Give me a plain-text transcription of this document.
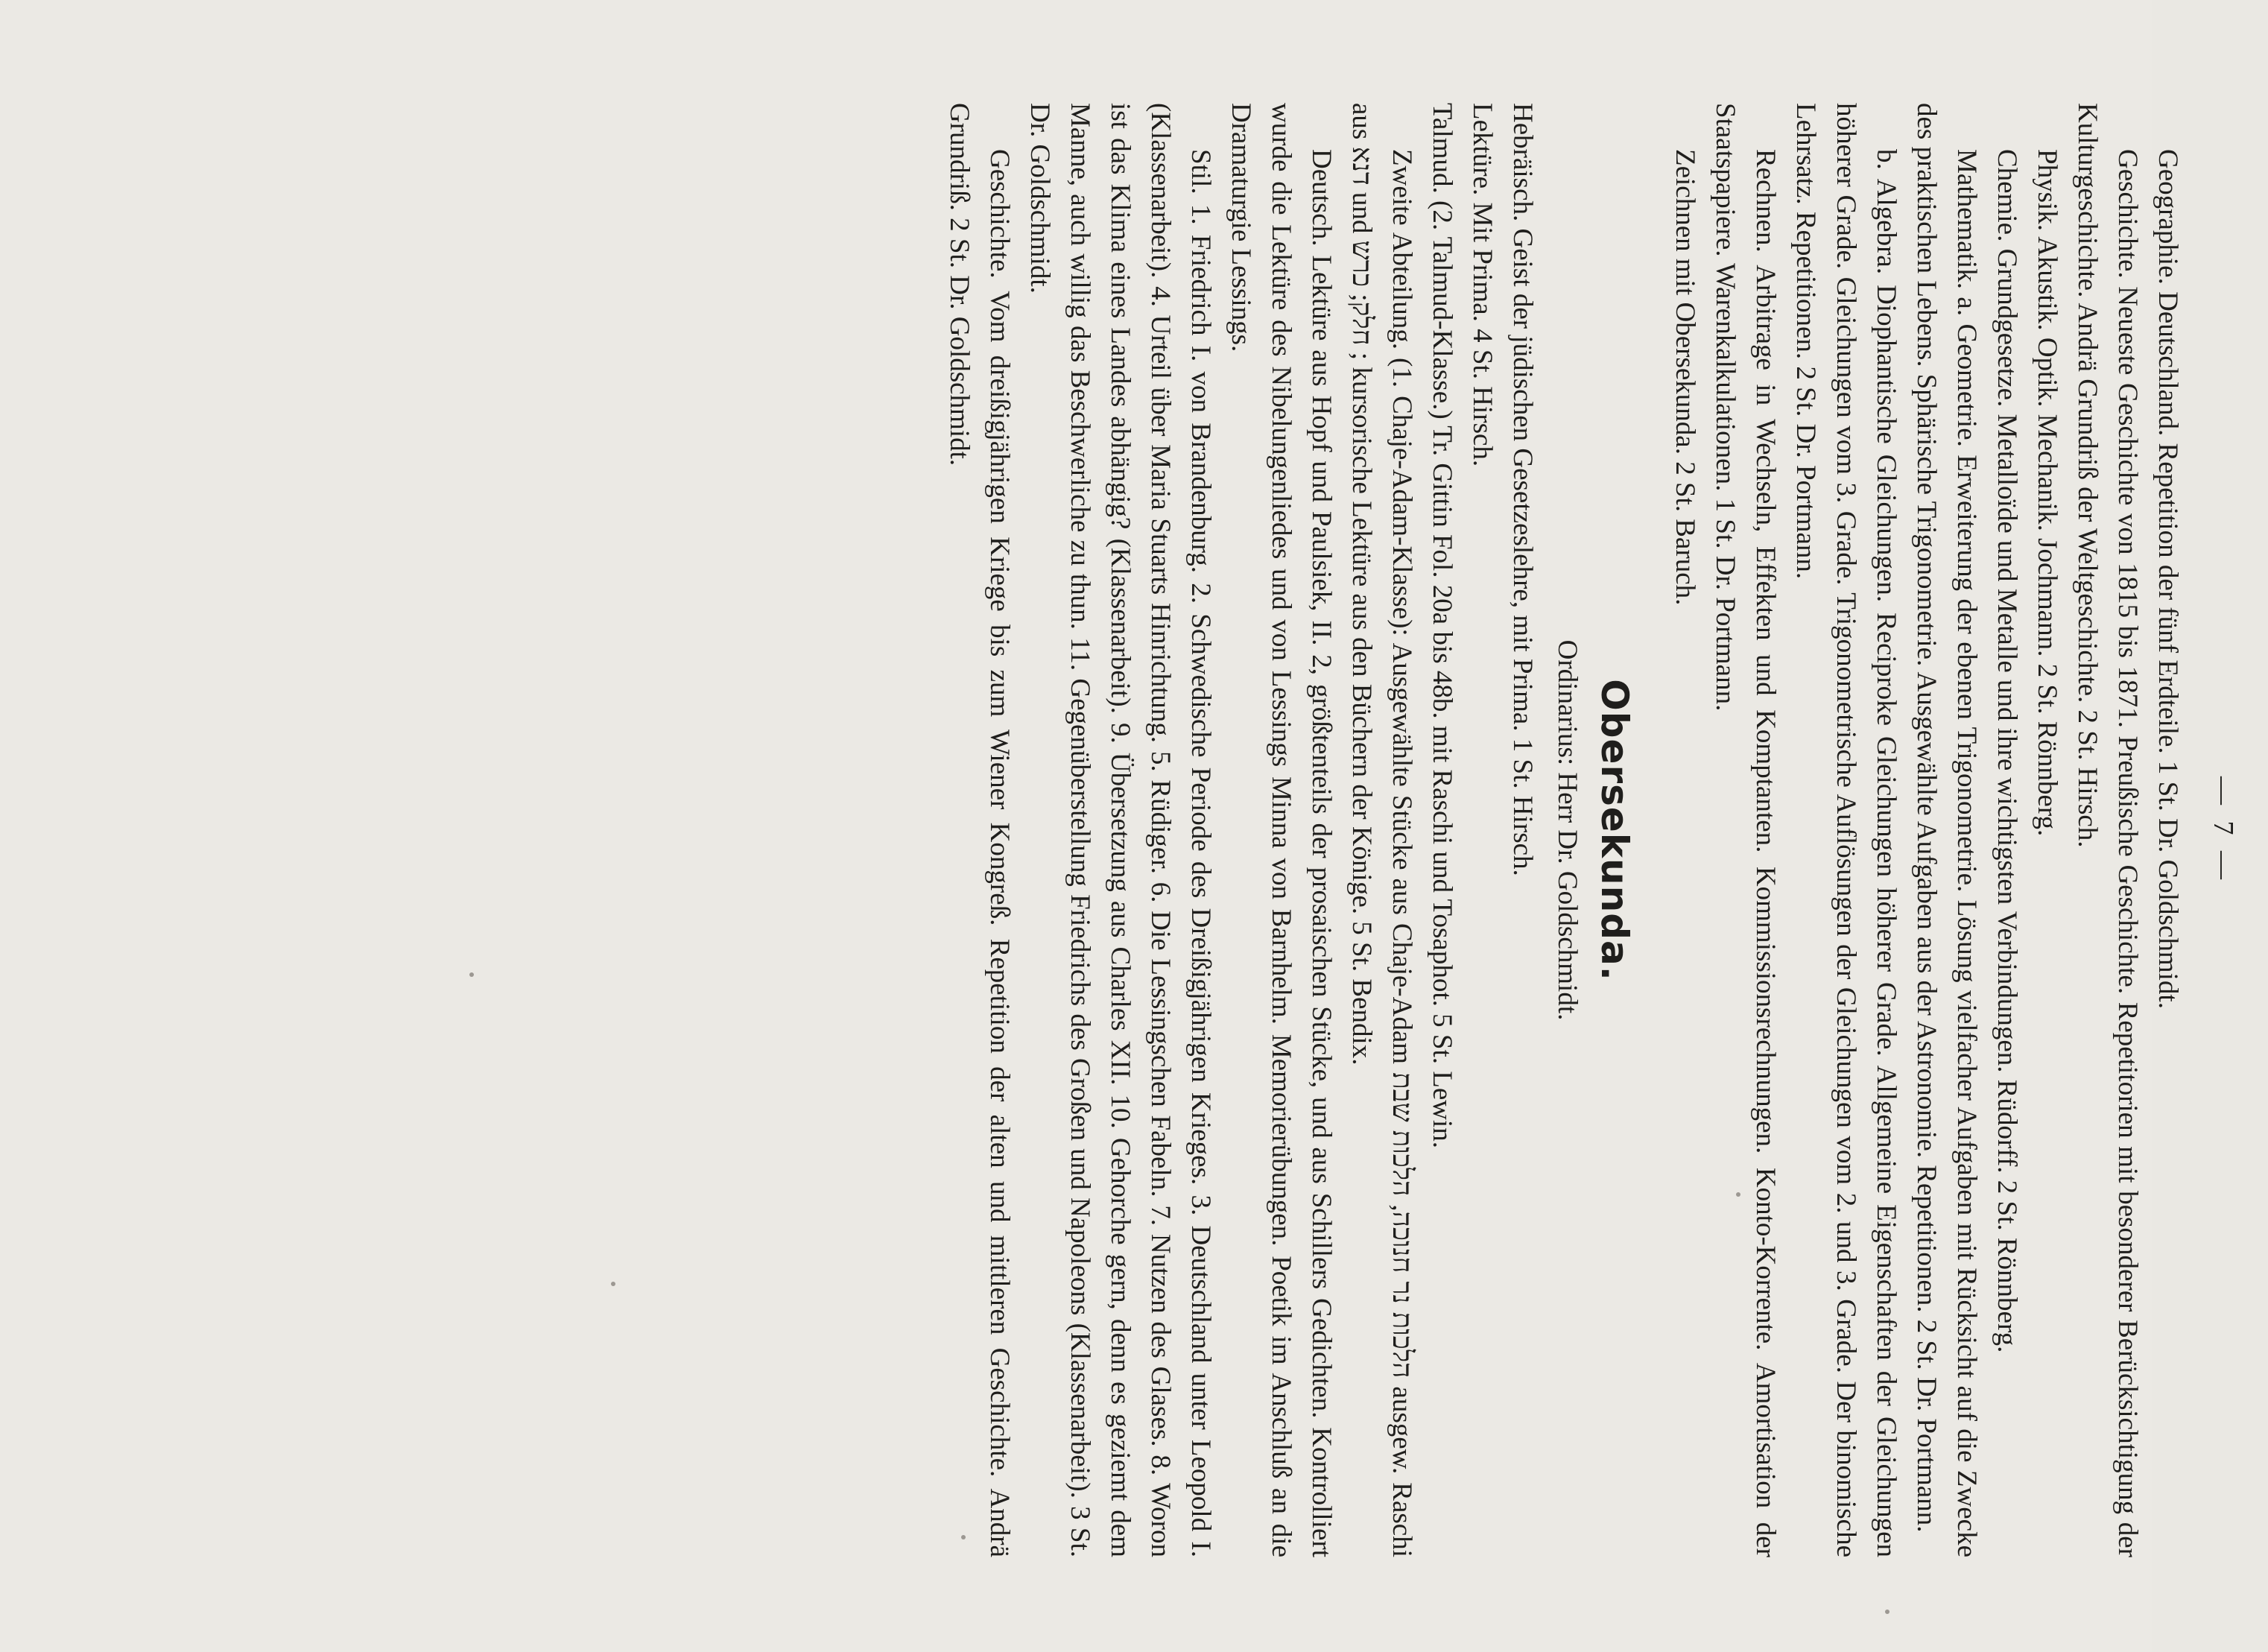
— 7 —

Geographie. Deutschland. Repetition der fünf Erdteile. 1 St. Dr. Goldschmidt.

Geschichte. Neueste Geschichte von 1815 bis 1871. Preußische Geschichte. Repetitorien mit besonderer Berücksichtigung der Kulturgeschichte. Andrä Grundriß der Weltgeschichte. 2 St. Hirsch.

Physik. Akustik. Optik. Mechanik. Jochmann. 2 St. Rönnberg.

Chemie. Grundgesetze. Metalloïde und Metalle und ihre wichtigsten Verbindungen. Rüdorff. 2 St. Rönnberg.

Mathematik. a. Geometrie. Erweiterung der ebenen Trigonometrie. Lösung vielfacher Aufgaben mit Rücksicht auf die Zwecke des praktischen Lebens. Sphärische Trigonometrie. Ausgewählte Aufgaben aus der Astronomie. Repetitionen. 2 St. Dr. Portmann.

b. Algebra. Diophantische Gleichungen. Reciproke Gleichungen höherer Grade. Allgemeine Eigenschaften der Gleichungen höherer Grade. Gleichungen vom 3. Grade. Trigonometrische Auflösungen der Gleichungen vom 2. und 3. Grade. Der binomische Lehrsatz. Repetitionen. 2 St. Dr. Portmann.

Rechnen. Arbitrage in Wechseln, Effekten und Komptanten. Kommissionsrechnungen. Konto-Korrente. Amortisation der Staatspapiere. Warenkalkulationen. 1 St. Dr. Portmann.

Zeichnen mit Obersekunda. 2 St. Baruch.

Obersekunda.
Ordinarius: Herr Dr. Goldschmidt.

Hebräisch. Geist der jüdischen Gesetzeslehre, mit Prima. 1 St. Hirsch.

Lektüre. Mit Prima. 4 St. Hirsch.

Talmud. (2. Talmud-Klasse.) Tr. Gittin Fol. 20a bis 48b. mit Raschi und Tosaphot. 5 St. Lewin.

Zweite Abteilung. (1. Chaje-Adam-Klasse): Ausgewählte Stücke aus Chaje-Adam הלכות נר חנוכה, הלכות שבת ausgew. Raschi aus דנא und חלק; כרש ; kursorische Lektüre aus den Büchern der Könige. 5 St. Bendix.

Deutsch. Lektüre aus Hopf und Paulsiek, II. 2, größtenteils der prosaischen Stücke, und aus Schillers Gedichten. Kontrolliert wurde die Lektüre des Nibelungenliedes und von Lessings Minna von Barnhelm. Memorierübungen. Poetik im Anschluß an die Dramaturgie Lessings.

Stil. 1. Friedrich I. von Brandenburg. 2. Schwedische Periode des Dreißigjährigen Krieges. 3. Deutschland unter Leopold I. (Klassenarbeit). 4. Urteil über Maria Stuarts Hinrichtung. 5. Rüdiger. 6. Die Lessingschen Fabeln. 7. Nutzen des Glases. 8. Woron ist das Klima eines Landes abhängig? (Klassenarbeit). 9. Übersetzung aus Charles XII. 10. Gehorche gern, denn es geziemt dem Manne, auch willig das Beschwerliche zu thun. 11. Gegenüberstellung Friedrichs des Großen und Napoleons (Klassenarbeit). 3 St. Dr. Goldschmidt.

Geschichte. Vom dreißigjährigen Kriege bis zum Wiener Kongreß. Repetition der alten und mittleren Geschichte. Andrä Grundriß. 2 St. Dr. Goldschmidt.
